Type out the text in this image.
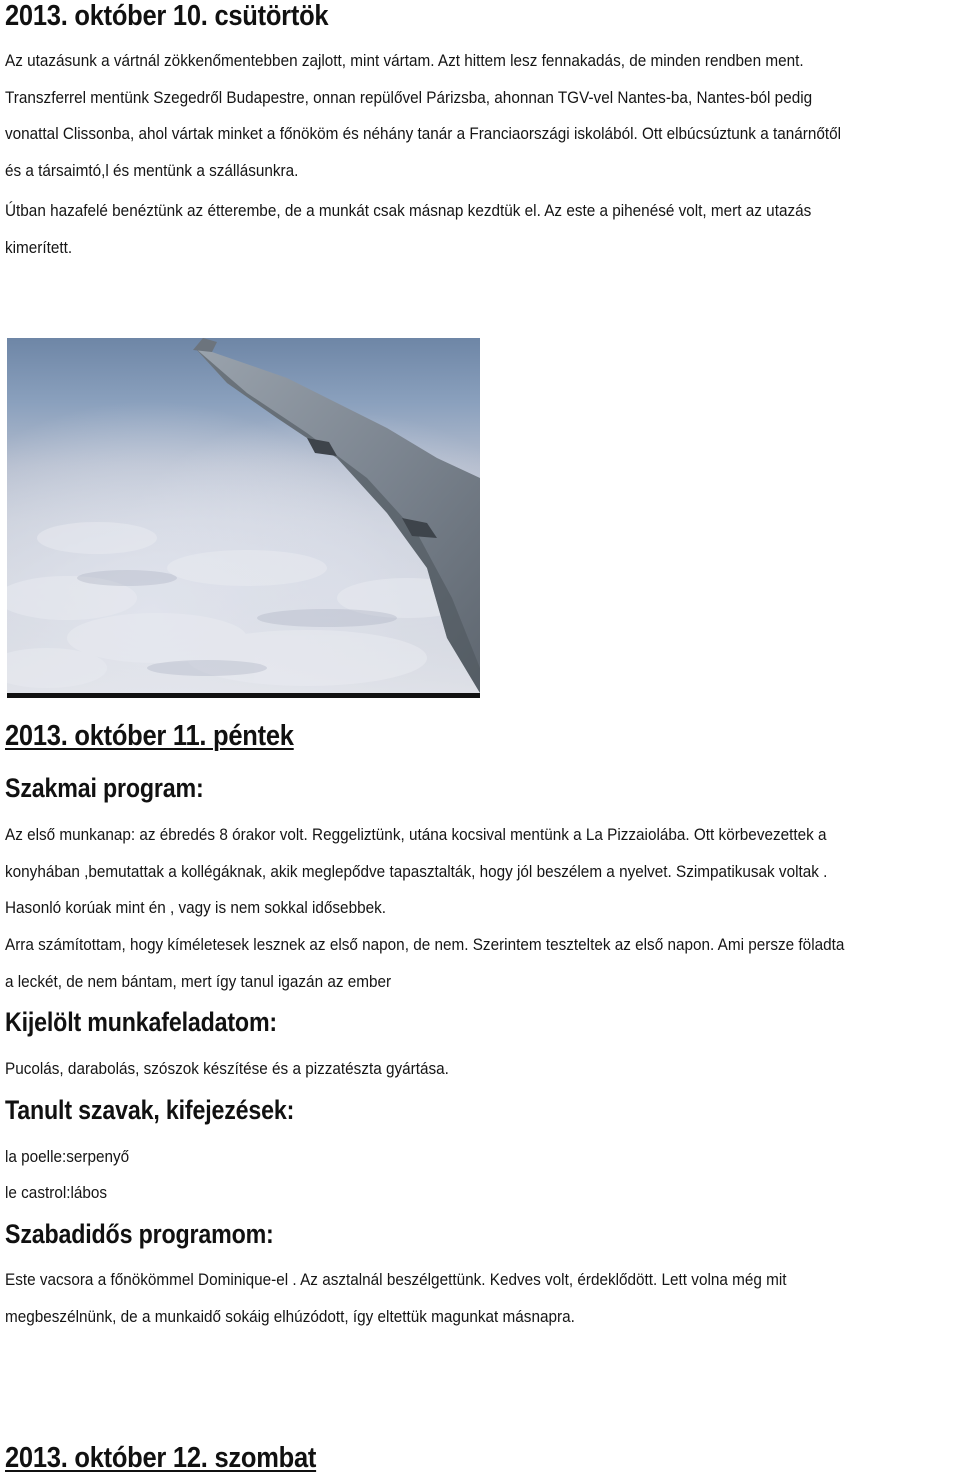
2013. október 10. csütörtök

Az utazásunk a vártnál zökkenőmentebben zajlott, mint vártam. Azt hittem lesz fennakadás, de minden rendben ment.

Transzferrel mentünk Szegedről Budapestre, onnan repülővel Párizsba, ahonnan TGV-vel Nantes-ba, Nantes-ból pedig

vonattal Clissonba, ahol vártak minket a főnököm és néhány tanár a Franciaországi iskolából. Ott elbúcsúztunk a tanárnőtől

és a társaimtó,l és mentünk a szállásunkra.

Útban hazafelé benéztünk az étterembe, de a munkát csak másnap kezdtük el. Az este a pihenésé volt, mert az utazás

kimerített.

2013. október 11. péntek
Szakmai program:

Az első munkanap: az ébredés 8 órakor volt. Reggeliztünk, utána kocsival mentünk a La Pizzaiolába. Ott körbevezettek a

konyhában ,bemutattak a kollégáknak, akik meglepődve tapasztalták, hogy jól beszélem a nyelvet. Szimpatikusak voltak .

Hasonló korúak mint én , vagy is nem sokkal idősebbek.

Arra számítottam, hogy kíméletesek lesznek az első napon, de nem. Szerintem teszteltek az első napon. Ami persze föladta

a leckét, de nem bántam, mert így tanul igazán az ember

Kijelölt munkafeladatom:
Pucolás, darabolás, szószok készítése és a pizzatészta gyártása.
Tanult szavak, kifejezések:
la poelle:serpenyő
le castrol:lábos
Szabadidős programom:

Este vacsora a főnökömmel Dominique-el . Az asztalnál beszélgettünk. Kedves volt, érdeklődött. Lett volna még mit

megbeszélnünk, de a munkaidő sokáig elhúzódott, így eltettük magunkat másnapra.

2013. október 12. szombat
